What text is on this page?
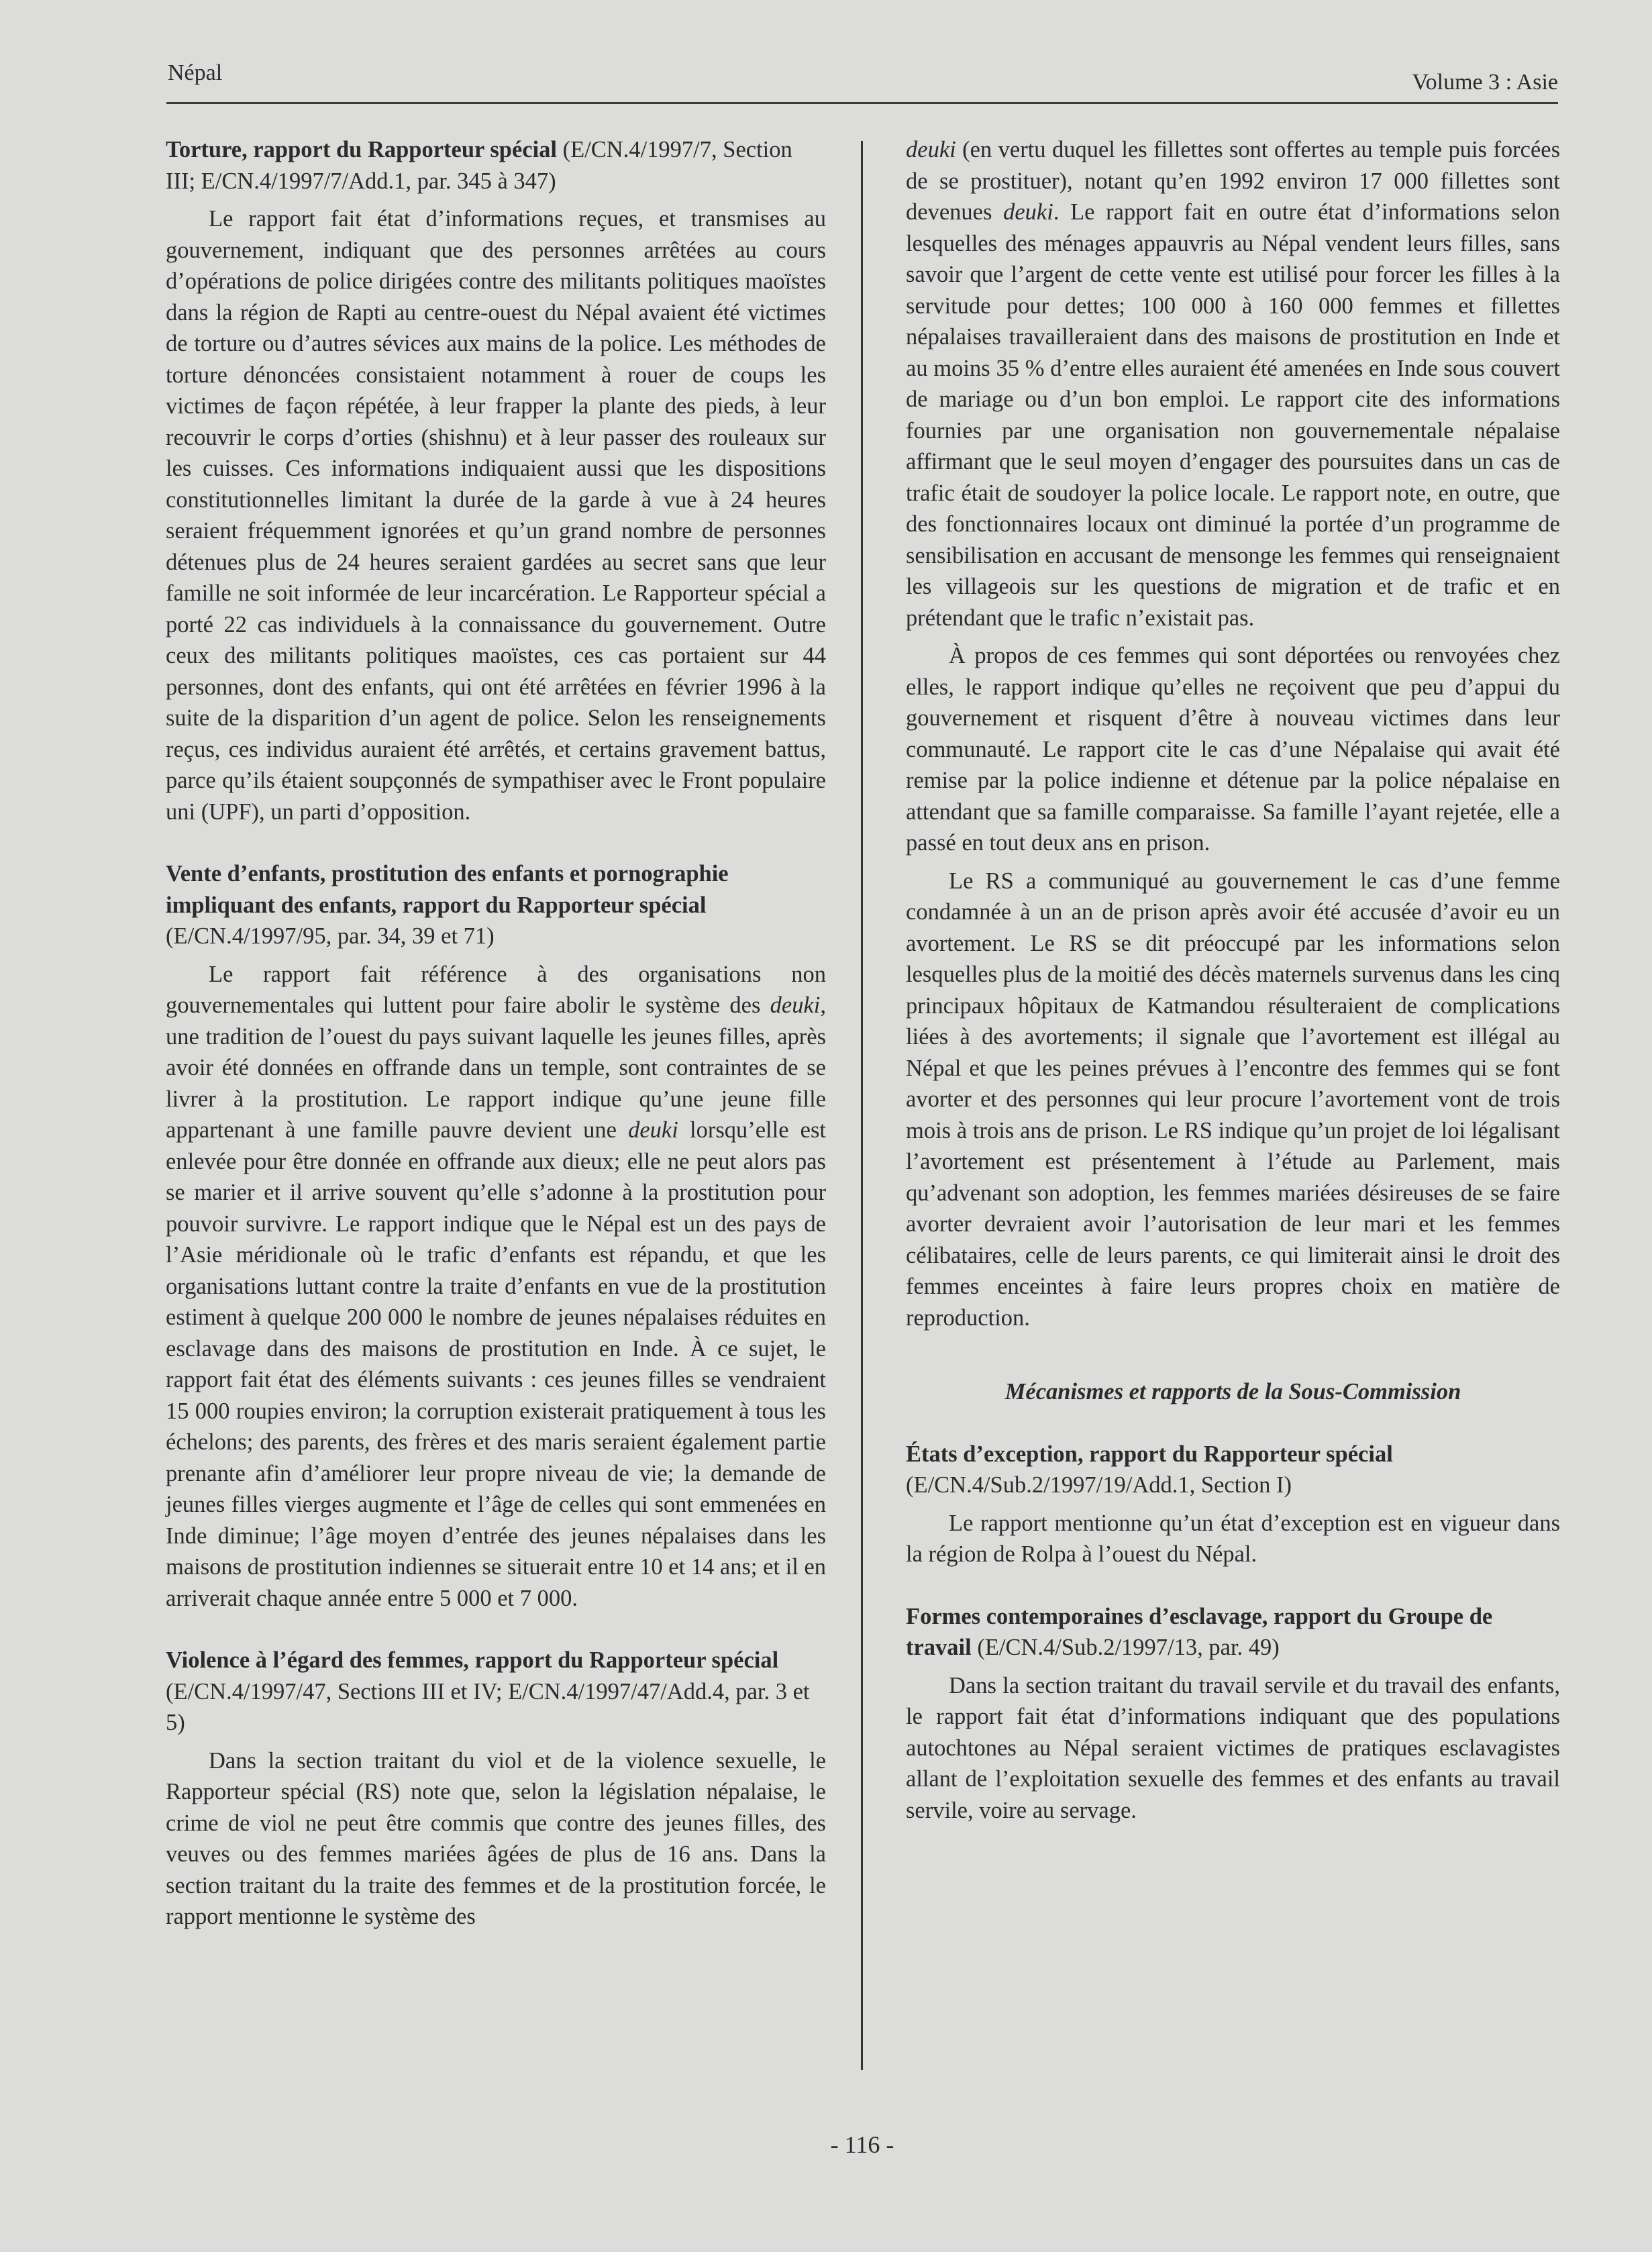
Népal	Volume 3 : Asie

Torture, rapport du Rapporteur spécial (E/CN.4/1997/7, Section III; E/CN.4/1997/7/Add.1, par. 345 à 347)

Le rapport fait état d’informations reçues, et transmises au gouvernement, indiquant que des personnes arrêtées au cours d’opérations de police dirigées contre des militants politiques maoïstes dans la région de Rapti au centre-ouest du Népal avaient été victimes de torture ou d’autres sévices aux mains de la police. Les méthodes de torture dénoncées consistaient notamment à rouer de coups les victimes de façon répétée, à leur frapper la plante des pieds, à leur recouvrir le corps d’orties (shishnu) et à leur passer des rouleaux sur les cuisses. Ces informations indiquaient aussi que les dispositions constitutionnelles limitant la durée de la garde à vue à 24 heures seraient fréquemment ignorées et qu’un grand nombre de personnes détenues plus de 24 heures seraient gardées au secret sans que leur famille ne soit informée de leur incarcération. Le Rapporteur spécial a porté 22 cas individuels à la connaissance du gouvernement. Outre ceux des militants politiques maoïstes, ces cas portaient sur 44 personnes, dont des enfants, qui ont été arrêtées en février 1996 à la suite de la disparition d’un agent de police. Selon les renseignements reçus, ces individus auraient été arrêtés, et certains gravement battus, parce qu’ils étaient soupçonnés de sympathiser avec le Front populaire uni (UPF), un parti d’opposition.

Vente d’enfants, prostitution des enfants et pornographie impliquant des enfants, rapport du Rapporteur spécial
(E/CN.4/1997/95, par. 34, 39 et 71)

Le rapport fait référence à des organisations non gouvernementales qui luttent pour faire abolir le système des deuki, une tradition de l’ouest du pays suivant laquelle les jeunes filles, après avoir été données en offrande dans un temple, sont contraintes de se livrer à la prostitution. Le rapport indique qu’une jeune fille appartenant à une famille pauvre devient une deuki lorsqu’elle est enlevée pour être donnée en offrande aux dieux; elle ne peut alors pas se marier et il arrive souvent qu’elle s’adonne à la prostitution pour pouvoir survivre. Le rapport indique que le Népal est un des pays de l’Asie méridionale où le trafic d’enfants est répandu, et que les organisations luttant contre la traite d’enfants en vue de la prostitution estiment à quelque 200 000 le nombre de jeunes népalaises réduites en esclavage dans des maisons de prostitution en Inde. À ce sujet, le rapport fait état des éléments suivants : ces jeunes filles se vendraient 15 000 roupies environ; la corruption existerait pratiquement à tous les échelons; des parents, des frères et des maris seraient également partie prenante afin d’améliorer leur propre niveau de vie; la demande de jeunes filles vierges augmente et l’âge de celles qui sont emmenées en Inde diminue; l’âge moyen d’entrée des jeunes népalaises dans les maisons de prostitution indiennes se situerait entre 10 et 14 ans; et il en arriverait chaque année entre 5 000 et 7 000.

Violence à l’égard des femmes, rapport du Rapporteur spécial (E/CN.4/1997/47, Sections III et IV; E/CN.4/1997/47/Add.4, par. 3 et 5)

Dans la section traitant du viol et de la violence sexuelle, le Rapporteur spécial (RS) note que, selon la législation népalaise, le crime de viol ne peut être commis que contre des jeunes filles, des veuves ou des femmes mariées âgées de plus de 16 ans. Dans la section traitant du la traite des femmes et de la prostitution forcée, le rapport mentionne le système des

deuki (en vertu duquel les fillettes sont offertes au temple puis forcées de se prostituer), notant qu’en 1992 environ 17 000 fillettes sont devenues deuki. Le rapport fait en outre état d’informations selon lesquelles des ménages appauvris au Népal vendent leurs filles, sans savoir que l’argent de cette vente est utilisé pour forcer les filles à la servitude pour dettes; 100 000 à 160 000 femmes et fillettes népalaises travailleraient dans des maisons de prostitution en Inde et au moins 35 % d’entre elles auraient été amenées en Inde sous couvert de mariage ou d’un bon emploi. Le rapport cite des informations fournies par une organisation non gouvernementale népalaise affirmant que le seul moyen d’engager des poursuites dans un cas de trafic était de soudoyer la police locale. Le rapport note, en outre, que des fonctionnaires locaux ont diminué la portée d’un programme de sensibilisation en accusant de mensonge les femmes qui renseignaient les villageois sur les questions de migration et de trafic et en prétendant que le trafic n’existait pas.

À propos de ces femmes qui sont déportées ou renvoyées chez elles, le rapport indique qu’elles ne reçoivent que peu d’appui du gouvernement et risquent d’être à nouveau victimes dans leur communauté. Le rapport cite le cas d’une Népalaise qui avait été remise par la police indienne et détenue par la police népalaise en attendant que sa famille comparaisse. Sa famille l’ayant rejetée, elle a passé en tout deux ans en prison.

Le RS a communiqué au gouvernement le cas d’une femme condamnée à un an de prison après avoir été accusée d’avoir eu un avortement. Le RS se dit préoccupé par les informations selon lesquelles plus de la moitié des décès maternels survenus dans les cinq principaux hôpitaux de Katmandou résulteraient de complications liées à des avortements; il signale que l’avortement est illégal au Népal et que les peines prévues à l’encontre des femmes qui se font avorter et des personnes qui leur procure l’avortement vont de trois mois à trois ans de prison. Le RS indique qu’un projet de loi légalisant l’avortement est présentement à l’étude au Parlement, mais qu’advenant son adoption, les femmes mariées désireuses de se faire avorter devraient avoir l’autorisation de leur mari et les femmes célibataires, celle de leurs parents, ce qui limiterait ainsi le droit des femmes enceintes à faire leurs propres choix en matière de reproduction.

Mécanismes et rapports de la Sous-Commission

États d’exception, rapport du Rapporteur spécial
(E/CN.4/Sub.2/1997/19/Add.1, Section I)

Le rapport mentionne qu’un état d’exception est en vigueur dans la région de Rolpa à l’ouest du Népal.

Formes contemporaines d’esclavage, rapport du Groupe de travail (E/CN.4/Sub.2/1997/13, par. 49)

Dans la section traitant du travail servile et du travail des enfants, le rapport fait état d’informations indiquant que des populations autochtones au Népal seraient victimes de pratiques esclavagistes allant de l’exploitation sexuelle des femmes et des enfants au travail servile, voire au servage.

- 116 -
